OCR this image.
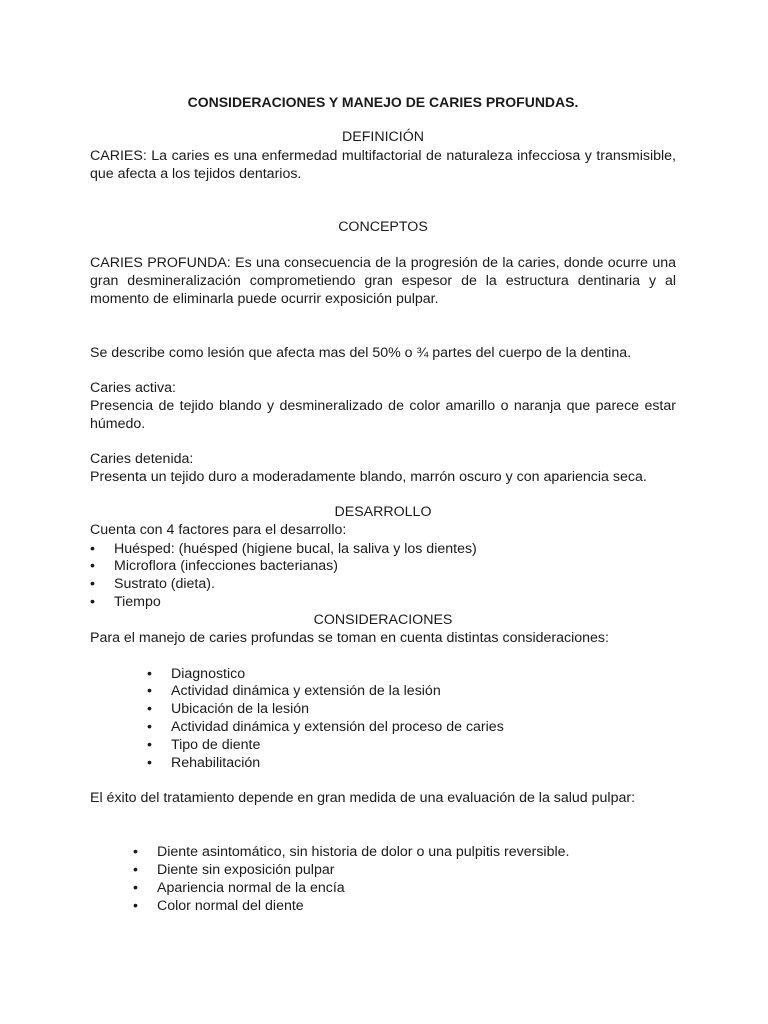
CONSIDERACIONES Y MANEJO DE CARIES PROFUNDAS.
DEFINICIÓN

CARIES: La caries es una enfermedad multifactorial de naturaleza infecciosa y transmisible, que afecta a los tejidos dentarios.

CONCEPTOS

CARIES PROFUNDA: Es una consecuencia de la progresión de la caries, donde ocurre una gran desmineralización comprometiendo gran espesor de la estructura dentinaria y al momento de eliminarla puede ocurrir exposición pulpar.

Se describe como lesión que afecta mas del 50% o ¾ partes del cuerpo de la dentina.

Caries activa:

Presencia de tejido blando y desmineralizado de color amarillo o naranja que parece estar húmedo.

Caries detenida:

Presenta un tejido duro a moderadamente blando, marrón oscuro y con apariencia seca.

DESARROLLO

Cuenta con 4 factores para el desarrollo:

• Huésped: (huésped (higiene bucal, la saliva y los dientes)
• Microflora (infecciones bacterianas)
• Sustrato (dieta).
• Tiempo
CONSIDERACIONES

Para el manejo de caries profundas se toman en cuenta distintas consideraciones:

• Diagnostico
• Actividad dinámica y extensión de la lesión
• Ubicación de la lesión
• Actividad dinámica y extensión del proceso de caries
• Tipo de diente
• Rehabilitación

El éxito del tratamiento depende en gran medida de una evaluación de la salud pulpar:

• Diente asintomático, sin historia de dolor o una pulpitis reversible.
• Diente sin exposición pulpar
• Apariencia normal de la encía
• Color normal del diente
